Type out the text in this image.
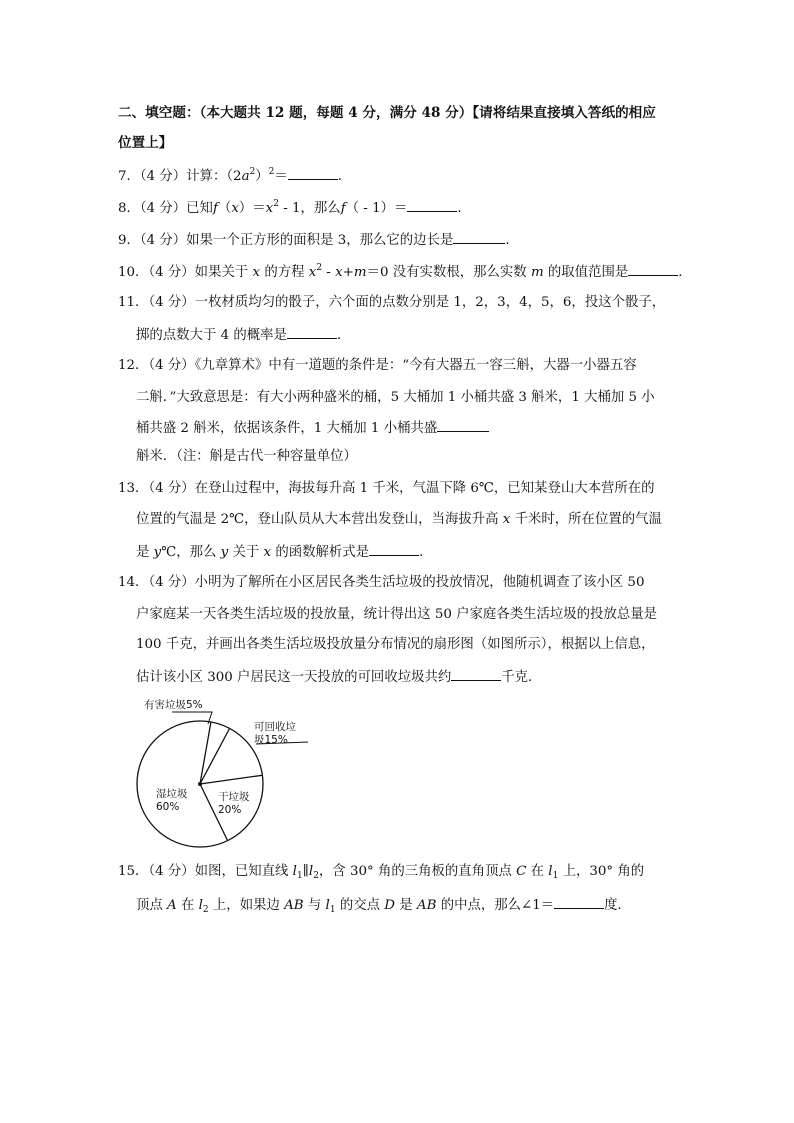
二、填空题：（本大题共 12 题，每题 4 分，满分 48 分）【请将结果直接填入答纸的相应
位置上】
7．（4 分）计算：$(2a^2)^2=$	．
8．（4 分）已知$f(x)=x^2 - 1$，那么f（ - 1）＝	．
9．（4 分）如果一个正方形的面积是 3，那么它的边长是	．
10．（4 分）如果关于 x 的方程 $x^2 - x+m=0$ 没有实数根，那么实数 m 的取值范围是	．
11．（4 分）一枚材质均匀的骰子，六个面的点数分别是 1，2，3，4，5，6，投这个骰子，
掷的点数大于 4 的概率是	．
12．（4 分）《九章算术》中有一道题的条件是：“今有大器五一容三斛，大器一小器五容
二斛．”大致意思是：有大小两种盛米的桶，5 大桶加 1 小桶共盛 3 斛米，1 大桶加 5 小
桶共盛 2 斛米，依据该条件，1 大桶加 1 小桶共盛
斛米．（注：斛是古代一种容量单位）
13．（4 分）在登山过程中，海拔每升高 1 千米，气温下降 6℃，已知某登山大本营所在的
位置的气温是 2℃，登山队员从大本营出发登山，当海拔升高 x 千米时，所在位置的气温
是 y℃，那么 y 关于 x 的函数解析式是	．
14．（4 分）小明为了解所在小区居民各类生活垃圾的投放情况，他随机调查了该小区 50
户家庭某一天各类生活垃圾的投放量，统计得出这 50 户家庭各类生活垃圾的投放总量是
100 千克，并画出各类生活垃圾投放量分布情况的扇形图（如图所示），根据以上信息，
估计该小区 300 户居民这一天投放的可回收垃圾共约	千克．
有害垃圾5%
可回收垃
圾15%
干垃圾
20%
湿垃圾
60%
15．（4 分）如图，已知直线 $l_1\parallel l_2$，含 30° 角的三角板的直角顶点 C 在 $l_1$ 上，30° 角的
顶点 A 在 $l_2$ 上，如果边 AB 与 $l_1$ 的交点 D 是 AB 的中点，那么∠1＝	度．
